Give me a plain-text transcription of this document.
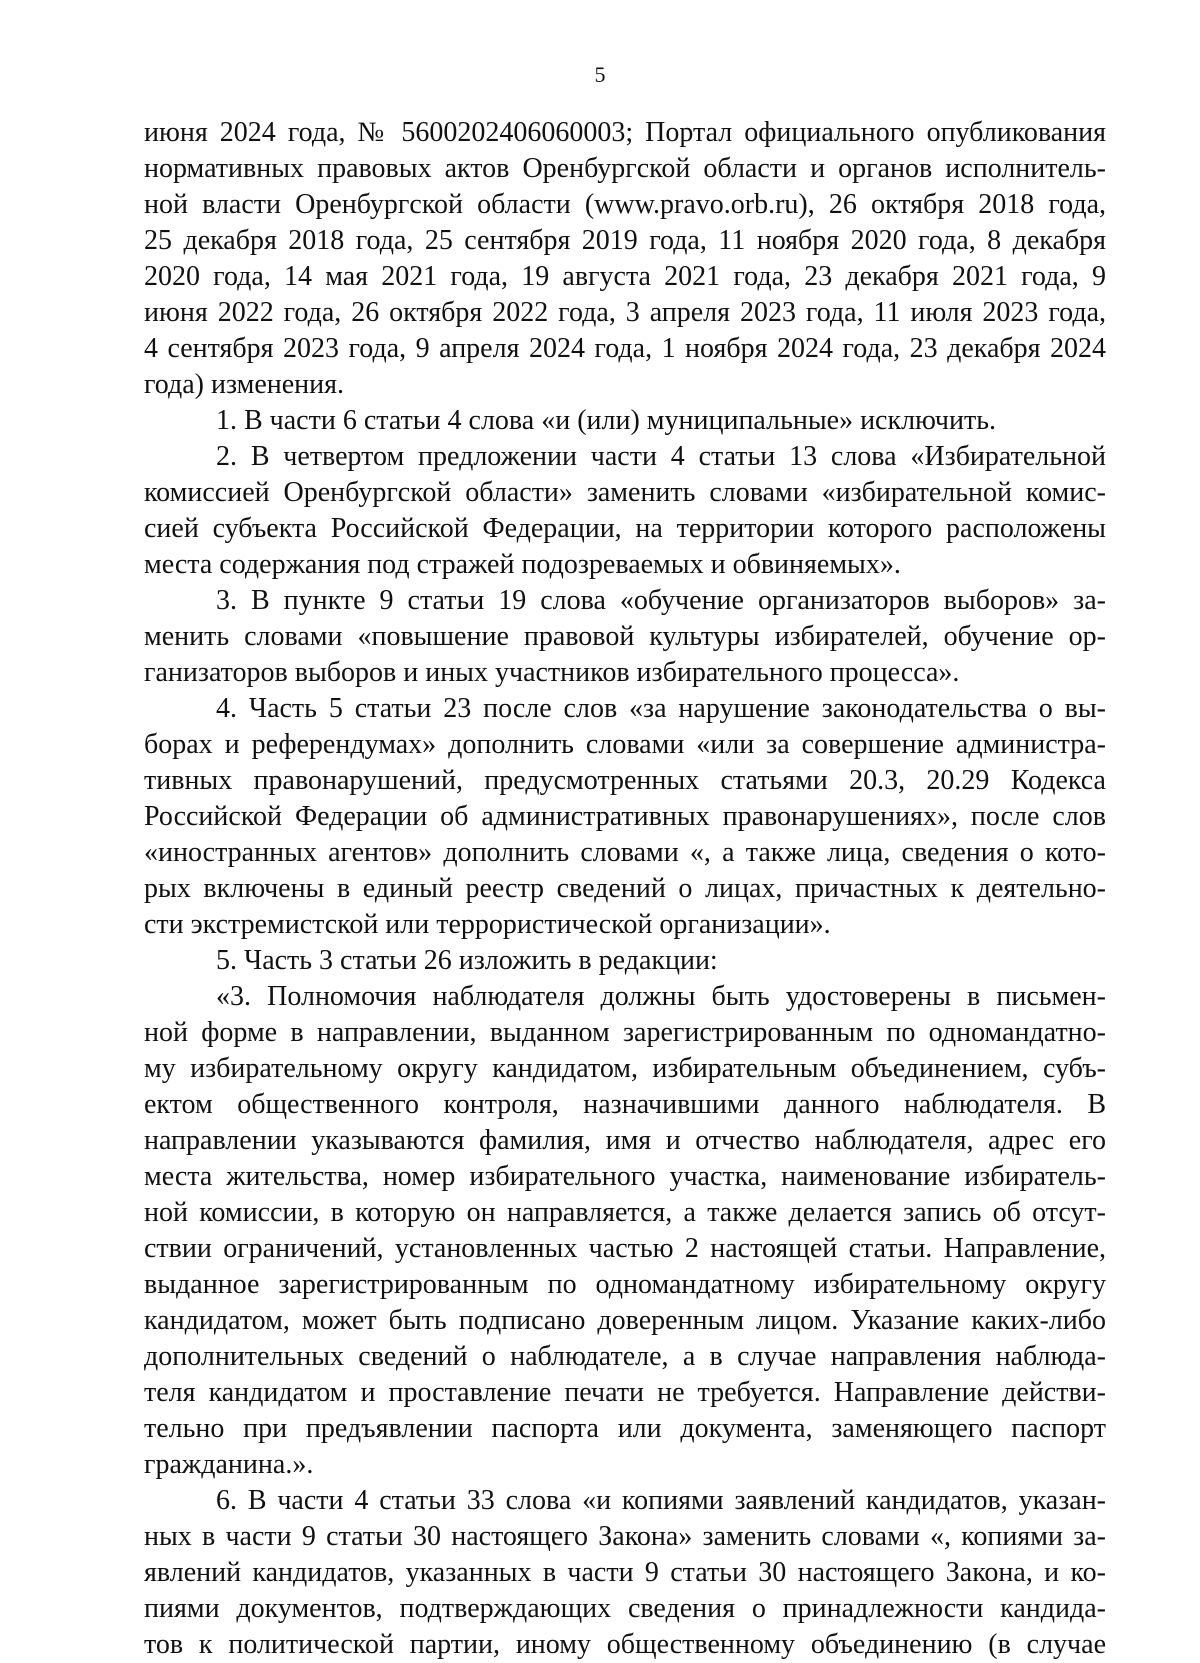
5
июня 2024 года, № 5600202406060003; Портал официального опубликования
нормативных правовых актов Оренбургской области и органов исполнитель-
ной власти Оренбургской области (www.pravo.orb.ru), 26 октября 2018 года,
25 декабря 2018 года, 25 сентября 2019 года, 11 ноября 2020 года, 8 декабря
2020 года, 14 мая 2021 года, 19 августа 2021 года, 23 декабря 2021 года, 9
июня 2022 года, 26 октября 2022 года, 3 апреля 2023 года, 11 июля 2023 года,
4 сентября 2023 года, 9 апреля 2024 года, 1 ноября 2024 года, 23 декабря 2024
года) изменения.
1. В части 6 статьи 4 слова «и (или) муниципальные» исключить.
2. В четвертом предложении части 4 статьи 13 слова «Избирательной
комиссией Оренбургской области» заменить словами «избирательной комис-
сией субъекта Российской Федерации, на территории которого расположены
места содержания под стражей подозреваемых и обвиняемых».
3. В пункте 9 статьи 19 слова «обучение организаторов выборов» за-
менить словами «повышение правовой культуры избирателей, обучение ор-
ганизаторов выборов и иных участников избирательного процесса».
4. Часть 5 статьи 23 после слов «за нарушение законодательства о вы-
борах и референдумах» дополнить словами «или за совершение администра-
тивных правонарушений, предусмотренных статьями 20.3, 20.29 Кодекса
Российской Федерации об административных правонарушениях», после слов
«иностранных агентов» дополнить словами «, а также лица, сведения о кото-
рых включены в единый реестр сведений о лицах, причастных к деятельно-
сти экстремистской или террористической организации».
5. Часть 3 статьи 26 изложить в редакции:
«3. Полномочия наблюдателя должны быть удостоверены в письмен-
ной форме в направлении, выданном зарегистрированным по одномандатно-
му избирательному округу кандидатом, избирательным объединением, субъ-
ектом общественного контроля, назначившими данного наблюдателя. В
направлении указываются фамилия, имя и отчество наблюдателя, адрес его
места жительства, номер избирательного участка, наименование избиратель-
ной комиссии, в которую он направляется, а также делается запись об отсут-
ствии ограничений, установленных частью 2 настоящей статьи. Направление,
выданное зарегистрированным по одномандатному избирательному округу
кандидатом, может быть подписано доверенным лицом. Указание каких-либо
дополнительных сведений о наблюдателе, а в случае направления наблюда-
теля кандидатом и проставление печати не требуется. Направление действи-
тельно при предъявлении паспорта или документа, заменяющего паспорт
гражданина.».
6. В части 4 статьи 33 слова «и копиями заявлений кандидатов, указан-
ных в части 9 статьи 30 настоящего Закона» заменить словами «, копиями за-
явлений кандидатов, указанных в части 9 статьи 30 настоящего Закона, и ко-
пиями документов, подтверждающих сведения о принадлежности кандида-
тов к политической партии, иному общественному объединению (в случае
